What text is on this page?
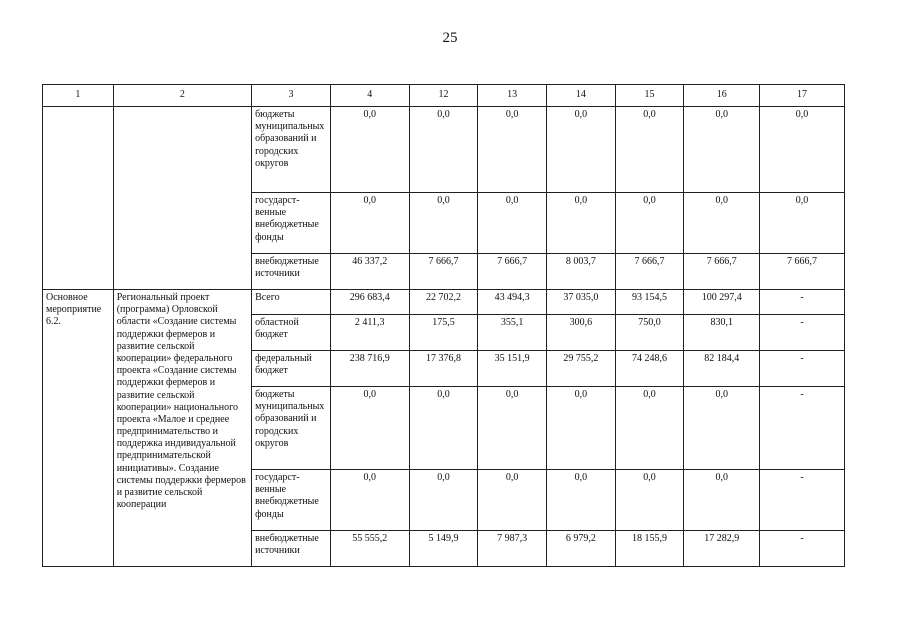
25
1	2	3	4	12	13	14	15	16	17
		бюджеты муниципальных образований и городских округов	0,0	0,0	0,0	0,0	0,0	0,0	0,0
		государственные внебюджетные фонды	0,0	0,0	0,0	0,0	0,0	0,0	0,0
		внебюджетные источники	46 337,2	7 666,7	7 666,7	8 003,7	7 666,7	7 666,7	7 666,7
Основное мероприятие 6.2.	Региональный проект (программа) Орловской области «Создание системы поддержки фермеров и развитие сельской кооперации» федерального проекта «Создание системы поддержки фермеров и развитие сельской кооперации» национального проекта «Малое и среднее предпринимательство и поддержка индивидуальной предпринимательской инициативы». Создание системы поддержки фермеров и развитие сельской кооперации	Всего	296 683,4	22 702,2	43 494,3	37 035,0	93 154,5	100 297,4	-
		областной бюджет	2 411,3	175,5	355,1	300,6	750,0	830,1	-
		федеральный бюджет	238 716,9	17 376,8	35 151,9	29 755,2	74 248,6	82 184,4	-
		бюджеты муниципальных образований и городских округов	0,0	0,0	0,0	0,0	0,0	0,0	-
		государственные внебюджетные фонды	0,0	0,0	0,0	0,0	0,0	0,0	-
		внебюджетные источники	55 555,2	5 149,9	7 987,3	6 979,2	18 155,9	17 282,9	-
